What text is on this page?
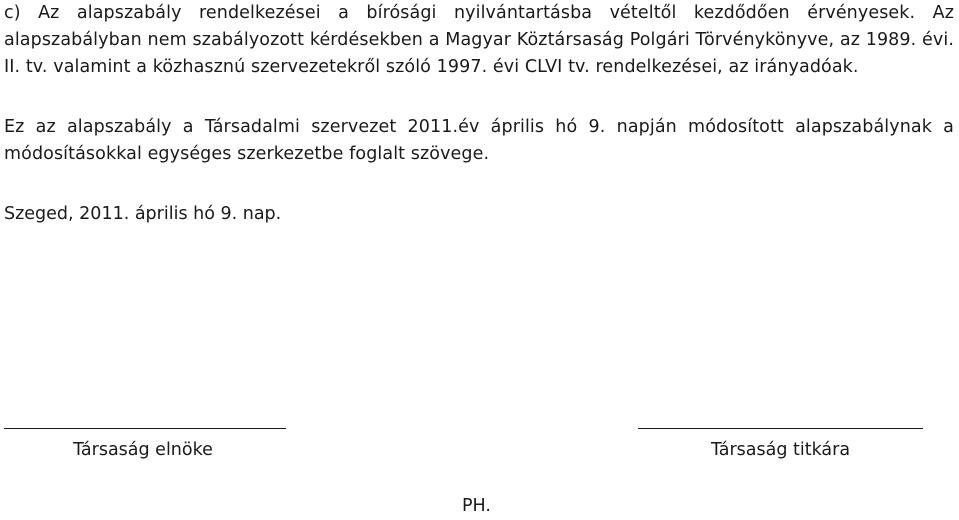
c) Az alapszabály rendelkezései a bírósági nyilvántartásba vételtől kezdődően érvényesek. Az alapszabályban nem szabályozott kérdésekben a Magyar Köztársaság Polgári Törvénykönyve, az 1989. évi. II. tv. valamint a közhasznú szervezetekről szóló 1997. évi CLVI tv. rendelkezései, az irányadóak.
Ez az alapszabály a Társadalmi szervezet 2011.év április hó 9. napján módosított alapszabálynak a módosításokkal egységes szerkezetbe foglalt szövege.
Szeged, 2011. április hó 9. nap.
Társaság elnöke	Társaság titkára
PH.
